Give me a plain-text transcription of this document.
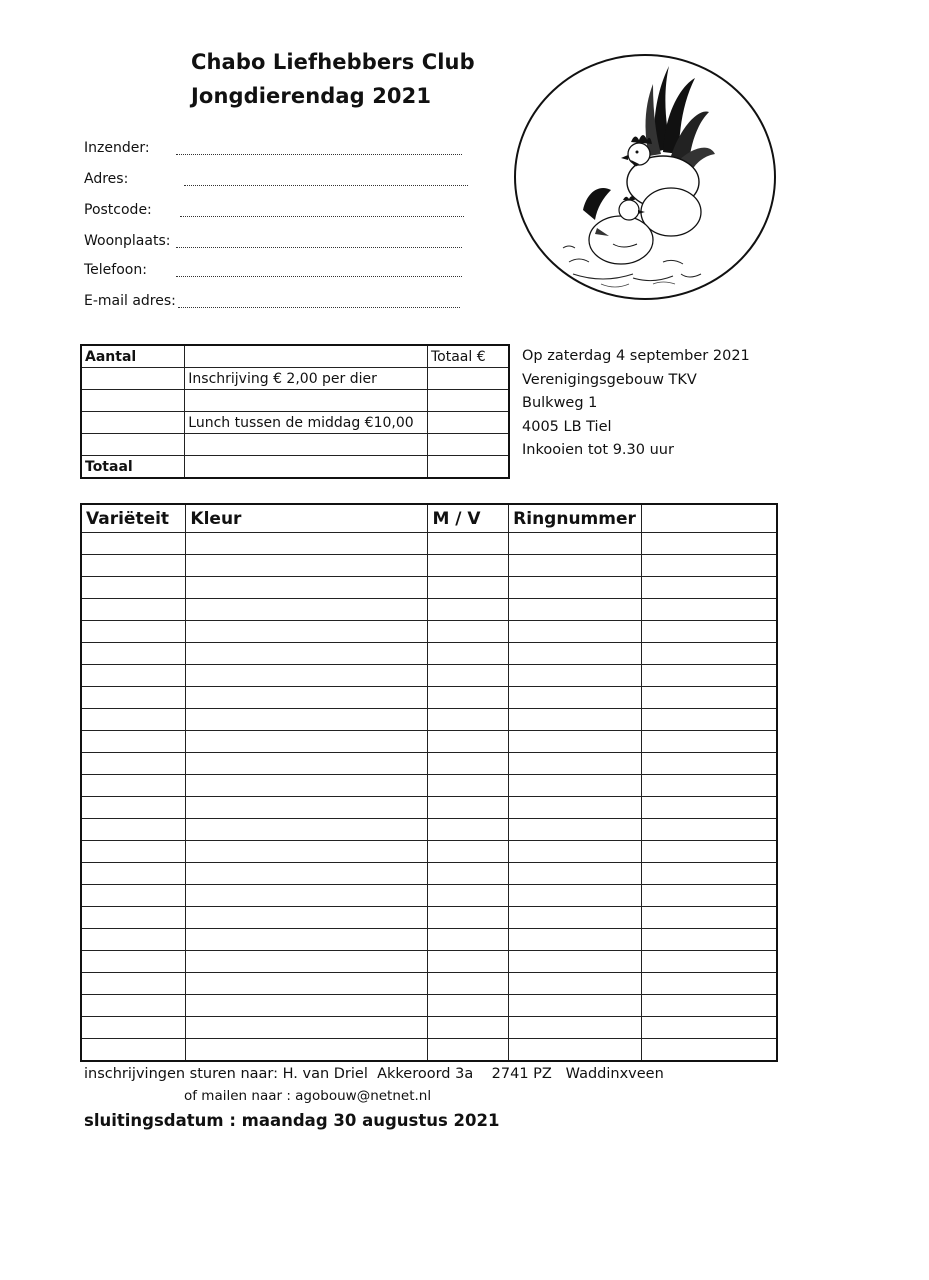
Chabo Liefhebbers Club
Jongdierendag 2021
Inzender:
Adres:
Postcode:
Woonplaats:
Telefoon:
E-mail adres:
Aantal		Totaal €
	Inschrijving € 2,00 per dier	

	Lunch tussen de middag €10,00	

Totaal		
Op zaterdag 4 september 2021
Verenigingsgebouw TKV
Bulkweg 1
4005 LB Tiel
Inkooien tot 9.30 uur
Variëteit	Kleur	M / V	Ringnummer	

inschrijvingen sturen naar: H. van Driel  Akkeroord 3a    2741 PZ   Waddinxveen
of mailen naar : agobouw@netnet.nl
sluitingsdatum : maandag 30 augustus 2021
